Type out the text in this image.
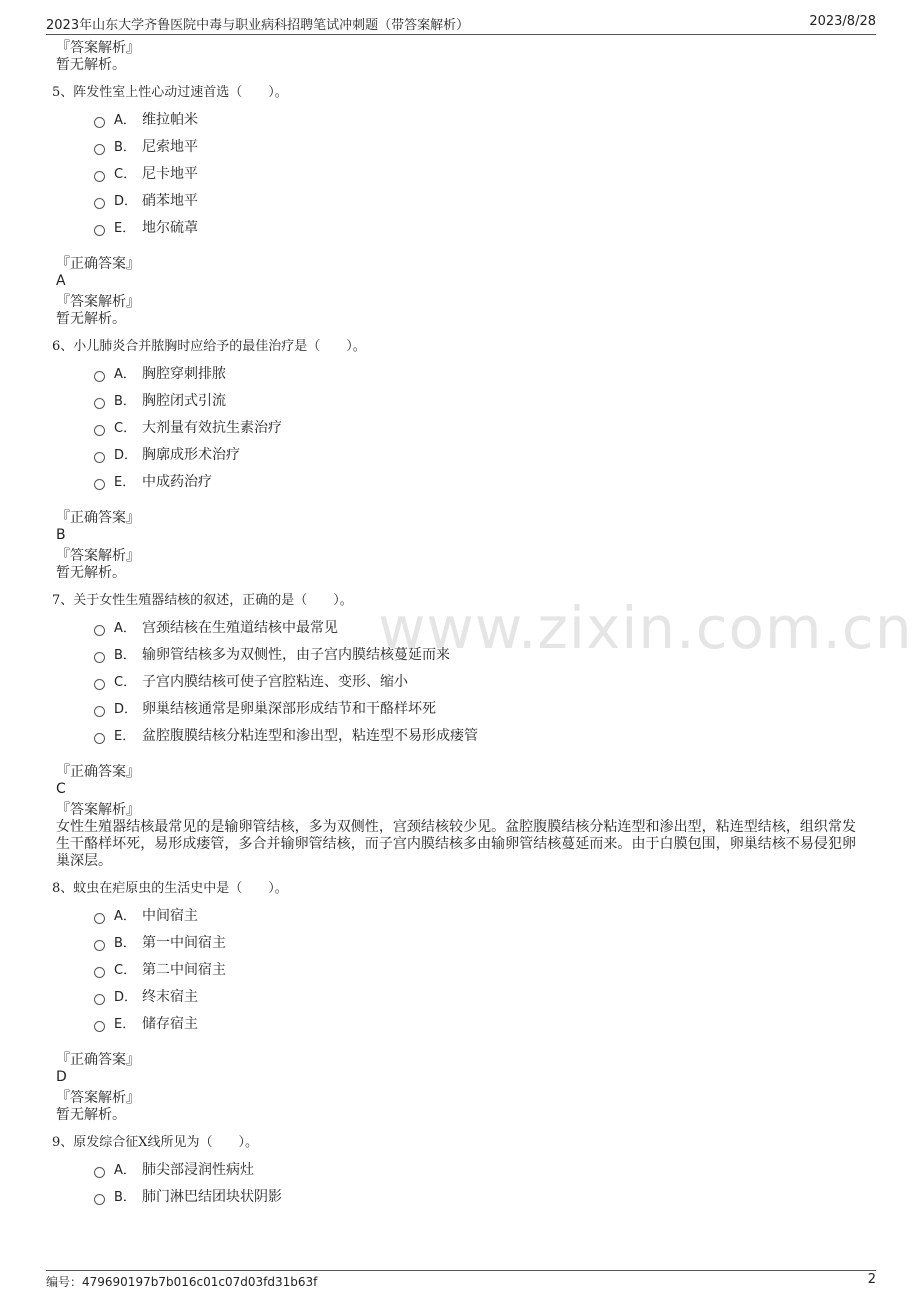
2023年山东大学齐鲁医院中毒与职业病科招聘笔试冲刺题（带答案解析）	2023/8/28
www.zixin.com.cn
『答案解析』
暂无解析。
5、阵发性室上性心动过速首选（　　）。
A． 维拉帕米
B． 尼索地平
C． 尼卡地平
D． 硝苯地平
E． 地尔硫䓬
『正确答案』
A
『答案解析』
暂无解析。
6、小儿肺炎合并脓胸时应给予的最佳治疗是（　　）。
A． 胸腔穿刺排脓
B． 胸腔闭式引流
C． 大剂量有效抗生素治疗
D． 胸廓成形术治疗
E． 中成药治疗
『正确答案』
B
『答案解析』
暂无解析。
7、关于女性生殖器结核的叙述，正确的是（　　）。
A． 宫颈结核在生殖道结核中最常见
B． 输卵管结核多为双侧性，由子宫内膜结核蔓延而来
C． 子宫内膜结核可使子宫腔粘连、变形、缩小
D． 卵巢结核通常是卵巢深部形成结节和干酪样坏死
E． 盆腔腹膜结核分粘连型和渗出型，粘连型不易形成瘘管
『正确答案』
C
『答案解析』
女性生殖器结核最常见的是输卵管结核，多为双侧性，宫颈结核较少见。盆腔腹膜结核分粘连型和渗出型，粘连型结核，组织常发生干酪样坏死，易形成瘘管，多合并输卵管结核，而子宫内膜结核多由输卵管结核蔓延而来。由于白膜包围，卵巢结核不易侵犯卵巢深层。
8、蚊虫在疟原虫的生活史中是（　　）。
A． 中间宿主
B． 第一中间宿主
C． 第二中间宿主
D． 终末宿主
E． 储存宿主
『正确答案』
D
『答案解析』
暂无解析。
9、原发综合征X线所见为（　　）。
A． 肺尖部浸润性病灶
B． 肺门淋巴结团块状阴影
编号：479690197b7b016c01c07d03fd31b63f	2
